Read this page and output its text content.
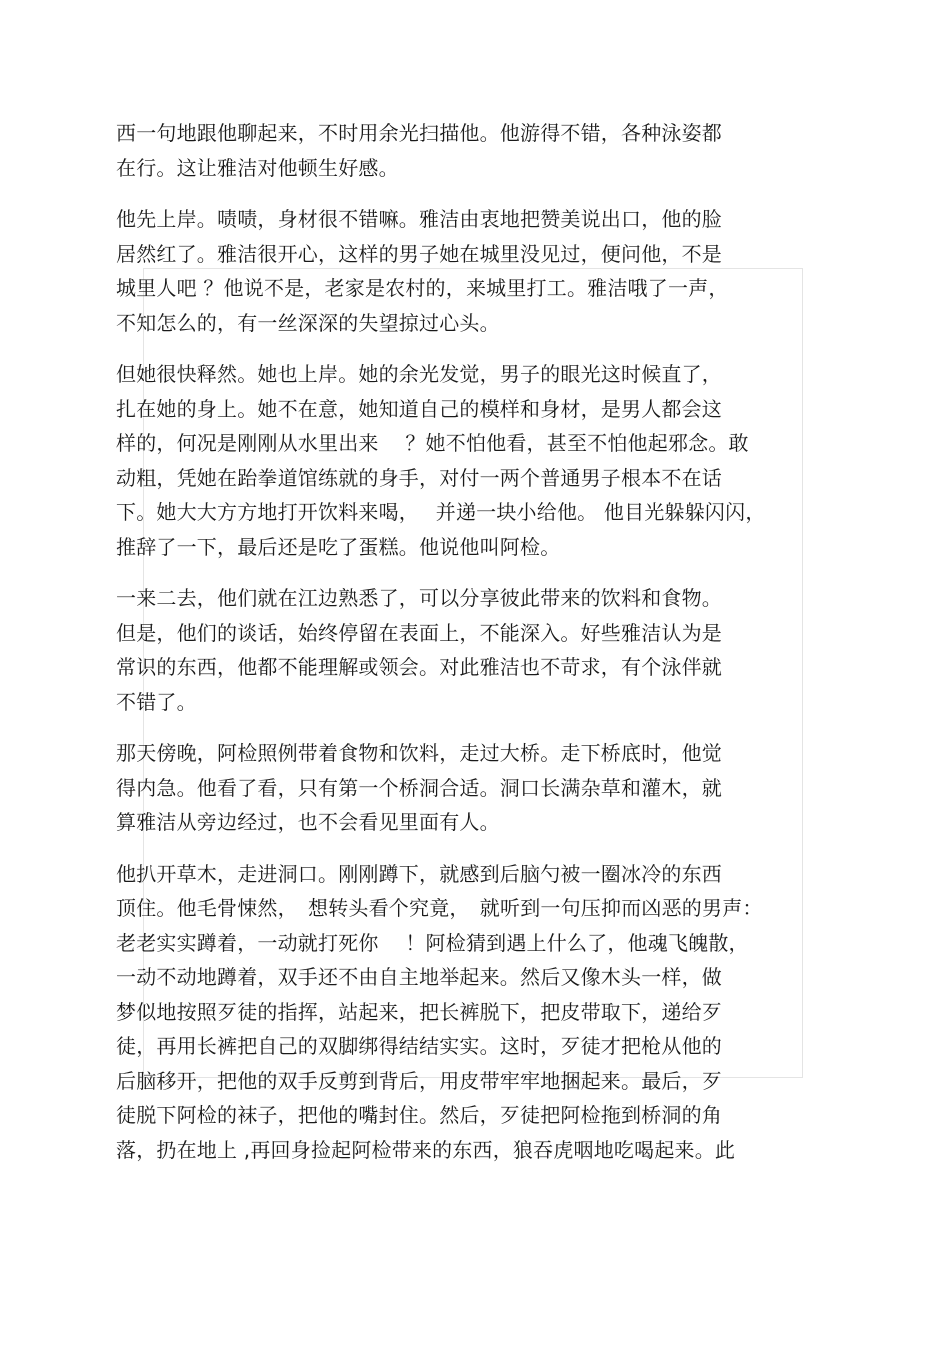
西一句地跟他聊起来，不时用余光扫描他。他游得不错，各种泳姿都
在行。这让雅洁对他顿生好感。
他先上岸。啧啧，身材很不错嘛。雅洁由衷地把赞美说出口，他的脸
居然红了。雅洁很开心，这样的男子她在城里没见过，便问他，不是
城里人吧 ？他说不是，老家是农村的，来城里打工。雅洁哦了一声，
不知怎么的，有一丝深深的失望掠过心头。
但她很快释然。她也上岸。她的余光发觉，男子的眼光这时候直了，
扎在她的身上。她不在意，她知道自己的模样和身材，是男人都会这
样的，何况是刚刚从水里出来　 ？她不怕他看，甚至不怕他起邪念。敢
动粗，凭她在跆拳道馆练就的身手，对付一两个普通男子根本不在话
下。她大大方方地打开饮料来喝，　 并递一块小给他。 他目光躲躲闪闪，
推辞了一下，最后还是吃了蛋糕。他说他叫阿检。
一来二去，他们就在江边熟悉了，可以分享彼此带来的饮料和食物。
但是，他们的谈话，始终停留在表面上，不能深入。好些雅洁认为是
常识的东西，他都不能理解或领会。对此雅洁也不苛求，有个泳伴就
不错了。
那天傍晚，阿检照例带着食物和饮料，走过大桥。走下桥底时，他觉
得内急。他看了看，只有第一个桥洞合适。洞口长满杂草和灌木，就
算雅洁从旁边经过，也不会看见里面有人。
他扒开草木，走进洞口。刚刚蹲下，就感到后脑勺被一圈冰冷的东西
顶住。他毛骨悚然，　想转头看个究竟，　就听到一句压抑而凶恶的男声：
老老实实蹲着，一动就打死你　 ！阿检猜到遇上什么了，他魂飞魄散，
一动不动地蹲着，双手还不由自主地举起来。然后又像木头一样，做
梦似地按照歹徒的指挥，站起来，把长裤脱下，把皮带取下，递给歹
徒，再用长裤把自己的双脚绑得结结实实。这时，歹徒才把枪从他的
后脑移开，把他的双手反剪到背后，用皮带牢牢地捆起来。最后，歹
徒脱下阿检的袜子，把他的嘴封住。然后，歹徒把阿检拖到桥洞的角
落，扔在地上 ,再回身捡起阿检带来的东西，狼吞虎咽地吃喝起来。此
